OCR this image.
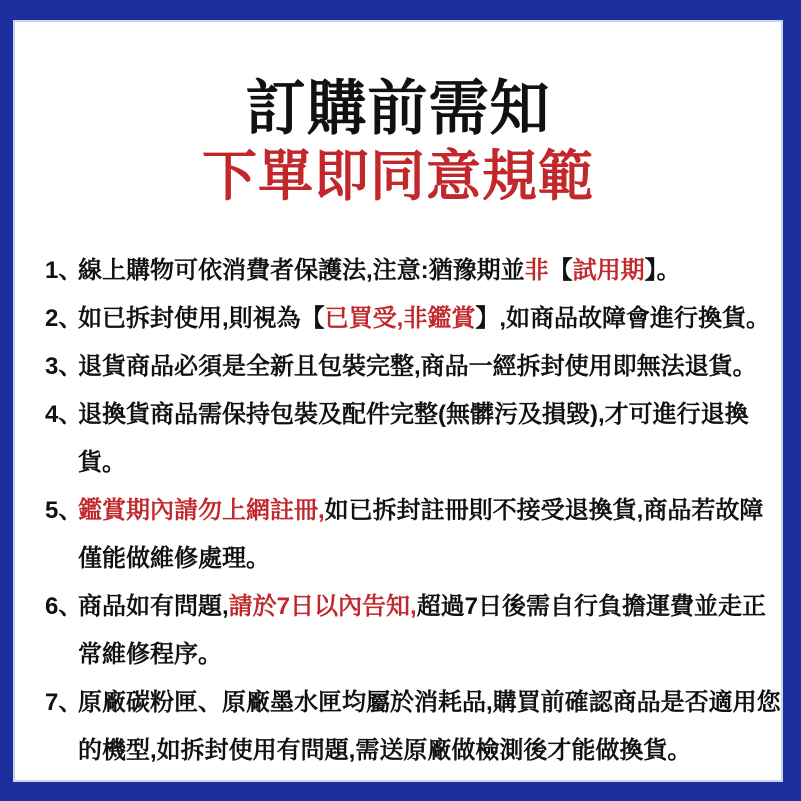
訂購前需知
下單即同意規範
1、
線上購物可依消費者保護法,注意:猶豫期並非【試用期】。
2、
如已拆封使用,則視為【已買受,非鑑賞】,如商品故障會進行換貨。
3、
退貨商品必須是全新且包裝完整,商品一經拆封使用即無法退貨。
4、
退換貨商品需保持包裝及配件完整(無髒污及損毀),才可進行退換貨。
5、
鑑賞期內請勿上網註冊,如已拆封註冊則不接受退換貨,商品若故障僅能做維修處理。
6、
商品如有問題,請於7日以內告知,超過7日後需自行負擔運費並走正常維修程序。
7、
原廠碳粉匣、原廠墨水匣均屬於消耗品,購買前確認商品是否適用您的機型,如拆封使用有問題,需送原廠做檢測後才能做換貨。
